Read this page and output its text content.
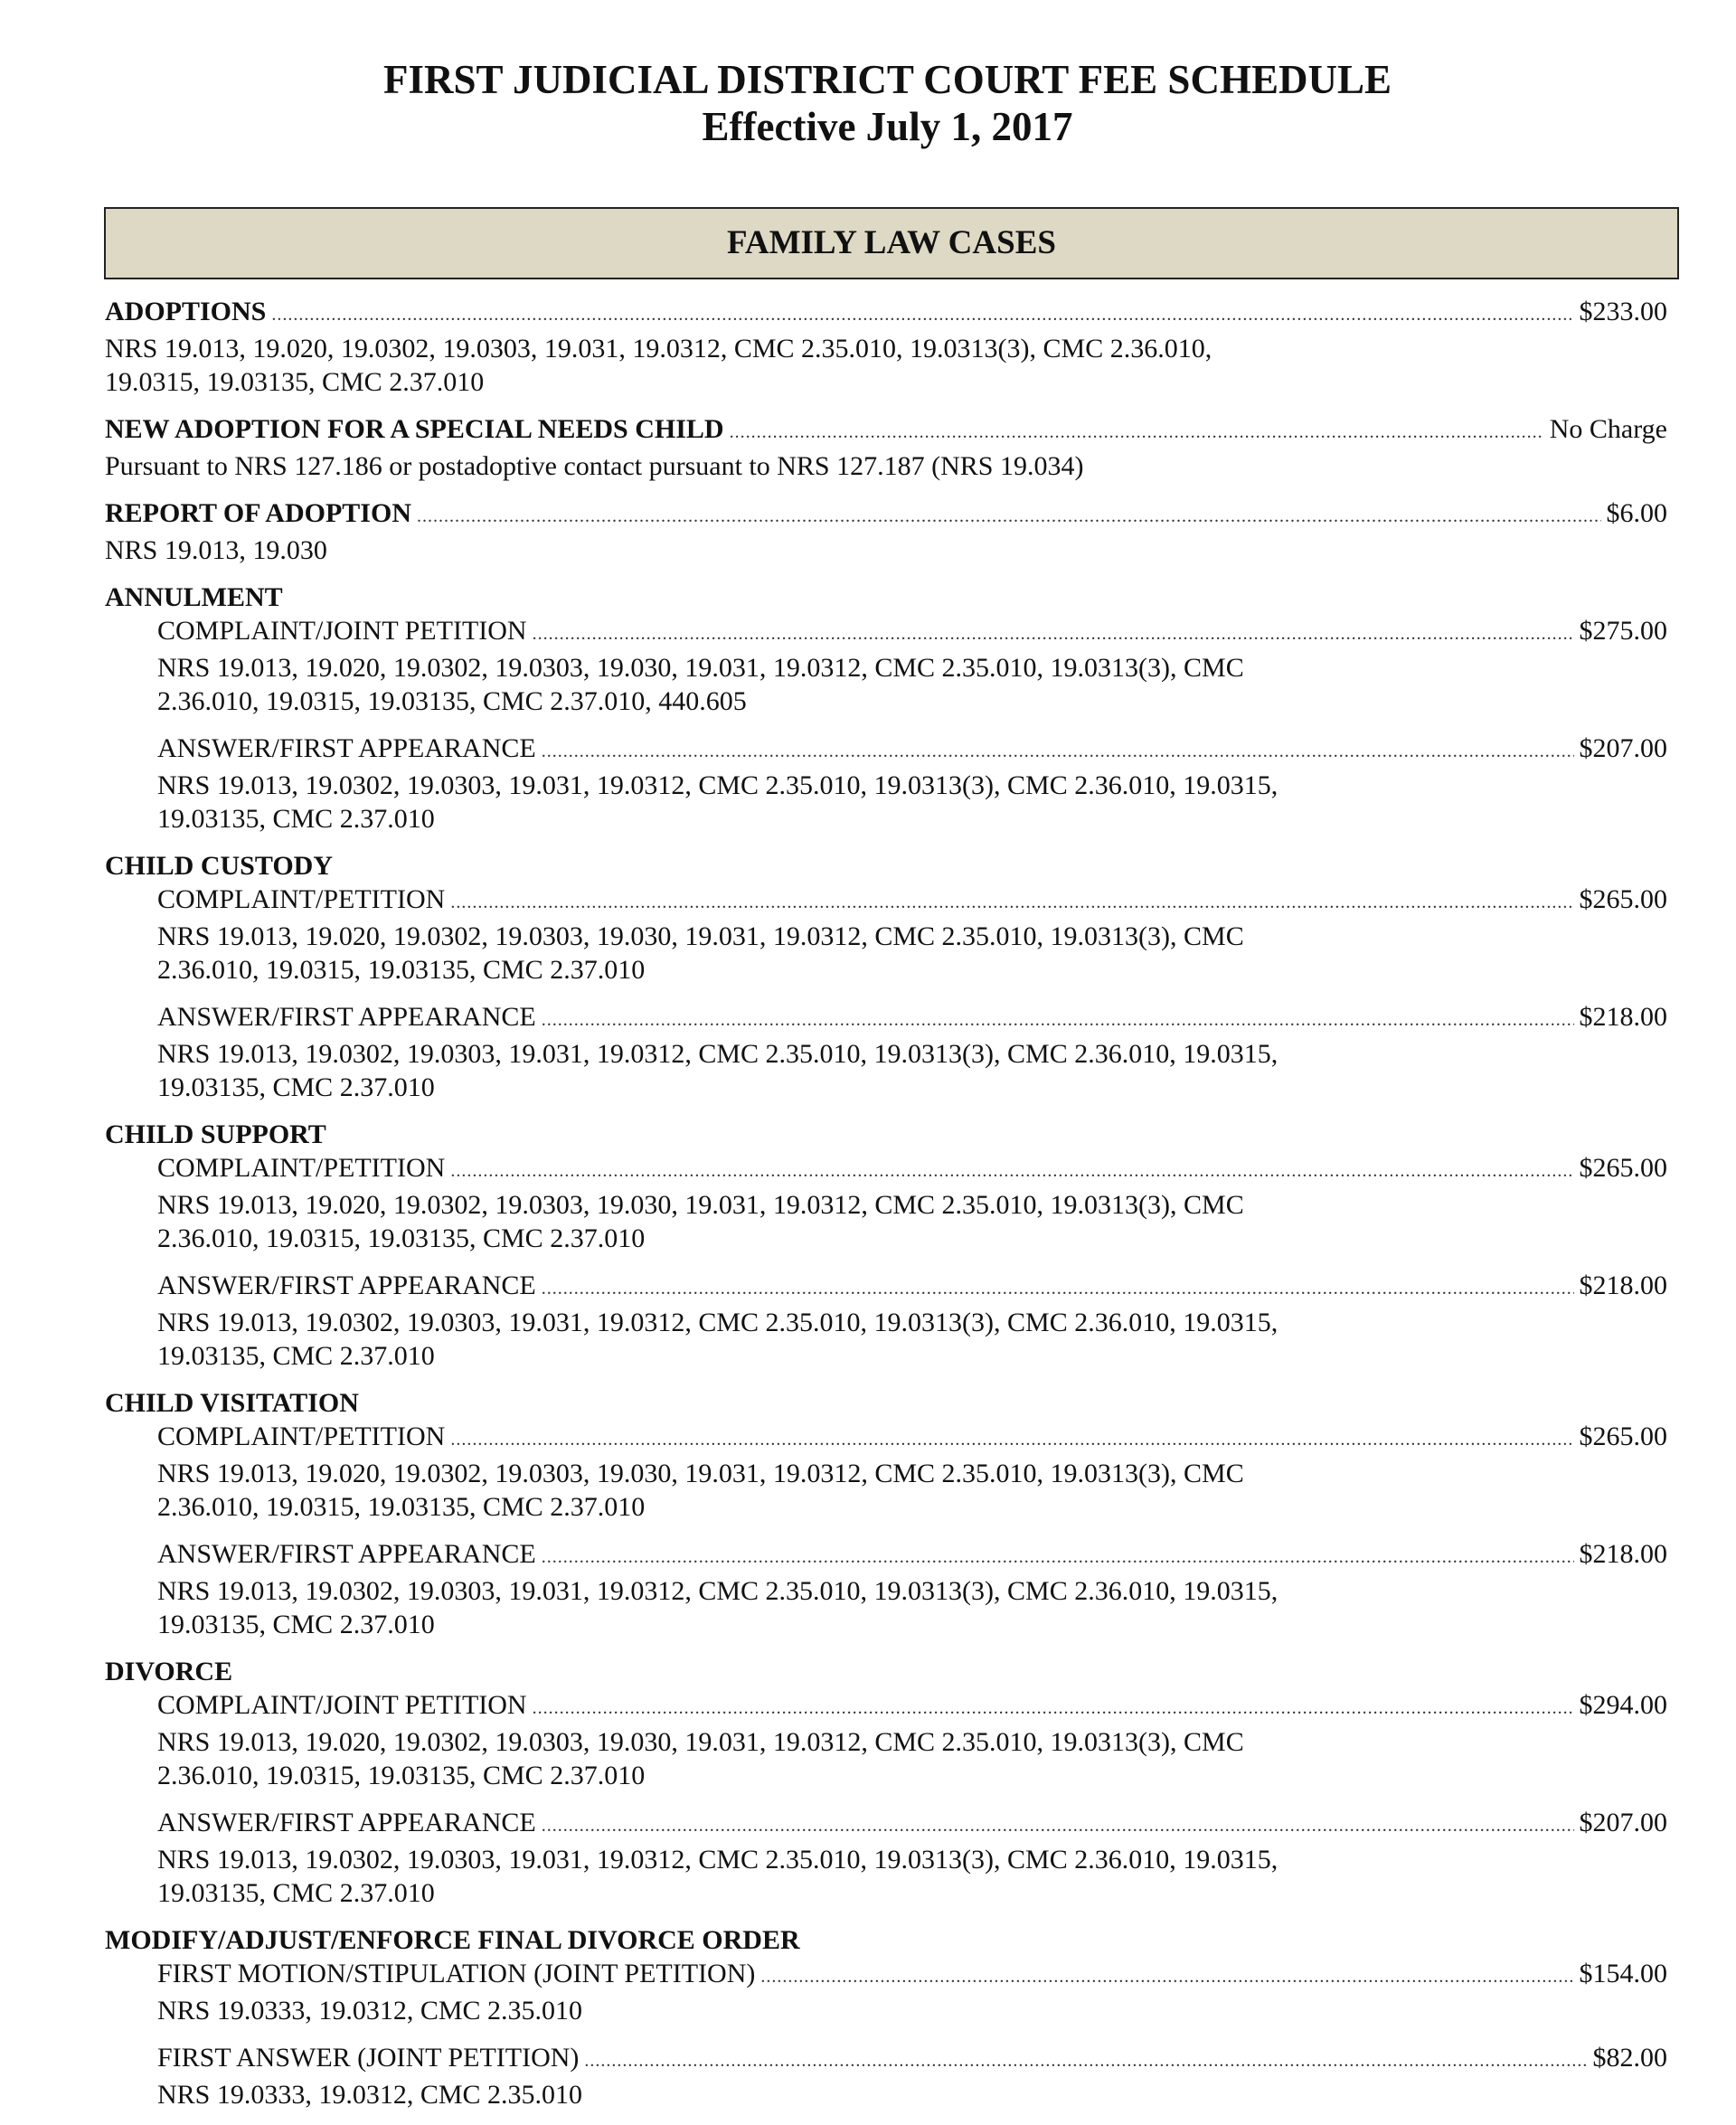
FIRST JUDICIAL DISTRICT COURT FEE SCHEDULE
Effective July 1, 2017
FAMILY LAW CASES
ADOPTIONS .....	$233.00
NRS 19.013, 19.020, 19.0302, 19.0303, 19.031, 19.0312, CMC 2.35.010, 19.0313(3), CMC 2.36.010,
19.0315, 19.03135, CMC 2.37.010
NEW ADOPTION FOR A SPECIAL NEEDS CHILD .....	No Charge
Pursuant to NRS 127.186 or postadoptive contact pursuant to NRS 127.187 (NRS 19.034)
REPORT OF ADOPTION .....	$6.00
NRS 19.013, 19.030
ANNULMENT
COMPLAINT/JOINT PETITION .....	$275.00
NRS 19.013, 19.020, 19.0302, 19.0303, 19.030, 19.031, 19.0312, CMC 2.35.010, 19.0313(3), CMC
2.36.010, 19.0315, 19.03135, CMC 2.37.010, 440.605
ANSWER/FIRST APPEARANCE .....	$207.00
NRS 19.013, 19.0302, 19.0303, 19.031, 19.0312, CMC 2.35.010, 19.0313(3), CMC 2.36.010, 19.0315,
19.03135, CMC 2.37.010
CHILD CUSTODY
COMPLAINT/PETITION .....	$265.00
NRS 19.013, 19.020, 19.0302, 19.0303, 19.030, 19.031, 19.0312, CMC 2.35.010, 19.0313(3), CMC
2.36.010, 19.0315, 19.03135, CMC 2.37.010
ANSWER/FIRST APPEARANCE .....	$218.00
NRS 19.013, 19.0302, 19.0303, 19.031, 19.0312, CMC 2.35.010, 19.0313(3), CMC 2.36.010, 19.0315,
19.03135, CMC 2.37.010
CHILD SUPPORT
COMPLAINT/PETITION .....	$265.00
NRS 19.013, 19.020, 19.0302, 19.0303, 19.030, 19.031, 19.0312, CMC 2.35.010, 19.0313(3), CMC
2.36.010, 19.0315, 19.03135, CMC 2.37.010
ANSWER/FIRST APPEARANCE .....	$218.00
NRS 19.013, 19.0302, 19.0303, 19.031, 19.0312, CMC 2.35.010, 19.0313(3), CMC 2.36.010, 19.0315,
19.03135, CMC 2.37.010
CHILD VISITATION
COMPLAINT/PETITION .....	$265.00
NRS 19.013, 19.020, 19.0302, 19.0303, 19.030, 19.031, 19.0312, CMC 2.35.010, 19.0313(3), CMC
2.36.010, 19.0315, 19.03135, CMC 2.37.010
ANSWER/FIRST APPEARANCE .....	$218.00
NRS 19.013, 19.0302, 19.0303, 19.031, 19.0312, CMC 2.35.010, 19.0313(3), CMC 2.36.010, 19.0315,
19.03135, CMC 2.37.010
DIVORCE
COMPLAINT/JOINT PETITION .....	$294.00
NRS 19.013, 19.020, 19.0302, 19.0303, 19.030, 19.031, 19.0312, CMC 2.35.010, 19.0313(3), CMC
2.36.010, 19.0315, 19.03135, CMC 2.37.010
ANSWER/FIRST APPEARANCE .....	$207.00
NRS 19.013, 19.0302, 19.0303, 19.031, 19.0312, CMC 2.35.010, 19.0313(3), CMC 2.36.010, 19.0315,
19.03135, CMC 2.37.010
MODIFY/ADJUST/ENFORCE FINAL DIVORCE ORDER
FIRST MOTION/STIPULATION (JOINT PETITION) .....	$154.00
NRS 19.0333, 19.0312, CMC 2.35.010
FIRST ANSWER (JOINT PETITION) .....	$82.00
NRS 19.0333, 19.0312, CMC 2.35.010
